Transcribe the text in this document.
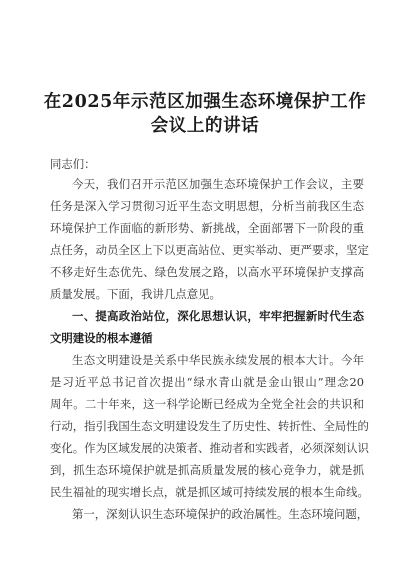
在2025年示范区加强生态环境保护工作
会议上的讲话
同志们：
今天，我们召开示范区加强生态环境保护工作会议，主要
任务是深入学习贯彻习近平生态文明思想，分析当前我区生态
环境保护工作面临的新形势、新挑战，全面部署下一阶段的重
点任务，动员全区上下以更高站位、更实举动、更严要求，坚定
不移走好生态优先、绿色发展之路，以高水平环境保护支撑高
质量发展。下面，我讲几点意见。
一、提高政治站位，深化思想认识，牢牢把握新时代生态
文明建设的根本遵循
生态文明建设是关系中华民族永续发展的根本大计。今年
是习近平总书记首次提出“绿水青山就是金山银山”理念20
周年。二十年来，这一科学论断已经成为全党全社会的共识和
行动，指引我国生态文明建设发生了历史性、转折性、全局性的
变化。作为区域发展的决策者、推动者和实践者，必须深刻认识
到，抓生态环境保护就是抓高质量发展的核心竞争力，就是抓
民生福祉的现实增长点，就是抓区域可持续发展的根本生命线。
第一，深刻认识生态环境保护的政治属性。生态环境问题，
